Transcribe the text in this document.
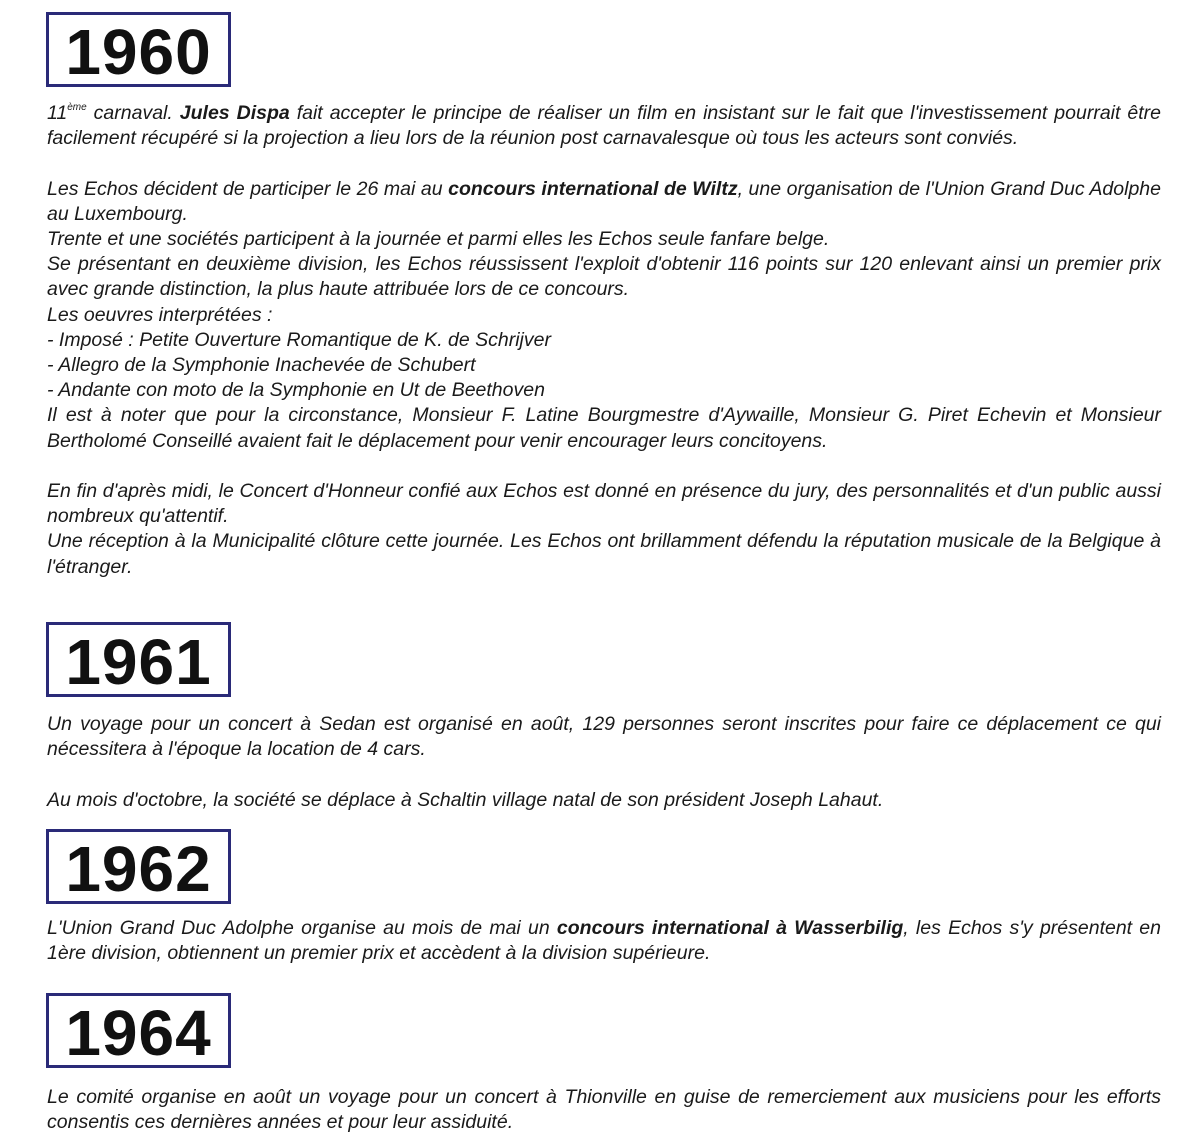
1960

11ème carnaval. Jules Dispa fait accepter le principe de réaliser un film en insistant sur le fait que l'investissement pourrait être facilement récupéré si la projection a lieu lors de la réunion post carnavalesque où tous les acteurs sont conviés.

Les Echos décident de participer le 26 mai au concours international de Wiltz, une organisation de l'Union Grand Duc Adolphe au Luxembourg.

Trente et une sociétés participent à la journée et parmi elles les Echos seule fanfare belge.

Se présentant en deuxième division, les Echos réussissent l'exploit d'obtenir 116 points sur 120 enlevant ainsi un premier prix avec grande distinction, la plus haute attribuée lors de ce concours.

Les oeuvres interprétées :

- Imposé : Petite Ouverture Romantique de K. de Schrijver

- Allegro de la Symphonie Inachevée de Schubert

- Andante con moto de la Symphonie en Ut de Beethoven

Il est à noter que pour la circonstance, Monsieur F. Latine Bourgmestre d'Aywaille, Monsieur G. Piret Echevin et Monsieur Bertholomé Conseillé avaient fait le déplacement pour venir encourager leurs concitoyens.

En fin d'après midi, le Concert d'Honneur confié aux Echos est donné en présence du jury, des personnalités et d'un public aussi nombreux qu'attentif.

Une réception à la Municipalité clôture cette journée. Les Echos ont brillamment défendu la réputation musicale de la Belgique à l'étranger.

1961

Un voyage pour un concert à Sedan est organisé en août, 129 personnes seront inscrites pour faire ce déplacement ce qui nécessitera à l'époque la location de 4 cars.

Au mois d'octobre, la société se déplace à Schaltin village natal de son président Joseph Lahaut.

1962

L'Union Grand Duc Adolphe organise au mois de mai un concours international à Wasserbilig, les Echos s'y présentent en 1ère division, obtiennent un premier prix et accèdent à la division supérieure.

1964

Le comité organise en août un voyage pour un concert à Thionville en guise de remerciement aux musiciens pour les efforts consentis ces dernières années et pour leur assiduité.
